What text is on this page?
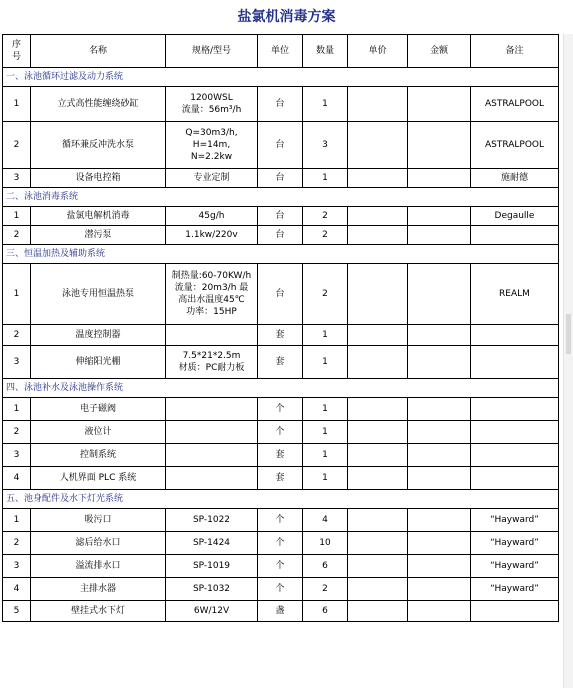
盐氯机消毒方案
序
号	名称	规格/型号	单位	数量	单价	金额	备注
一、泳池循环过滤及动力系统							
1	立式高性能缠绕砂缸	1200WSL
流量：56m³/h	台	1			ASTRALPOOL
2	循环兼反冲洗水泵	Q=30m3/h,
H=14m,
N=2.2kw	台	3			ASTRALPOOL
3	设备电控箱	专业定制	台	1			施耐德
二、泳池消毒系统							
1	盐氯电解机消毒	45g/h	台	2			Degaulle
2	潜污泵	1.1kw/220v	台	2			
三、恒温加热及辅助系统							
1	泳池专用恒温热泵	制热量:60-70KW/h
流量：20m3/h 最
高出水温度45℃
功率：15HP	台	2			REALM
2	温度控制器		套	1			
3	伸缩阳光棚	7.5*21*2.5m
材质：PC耐力板	套	1			
四、泳池补水及泳池操作系统							
1	电子磁阀		个	1			
2	液位计		个	1			
3	控制系统		套	1			
4	人机界面 PLC 系统		套	1			
五、池身配件及水下灯光系统							
1	吸污口	SP-1022	个	4			“Hayward”
2	滤后给水口	SP-1424	个	10			“Hayward”
3	溢流排水口	SP-1019	个	6			“Hayward”
4	主排水器	SP-1032	个	2			“Hayward”
5	壁挂式水下灯	6W/12V	盏	6			
